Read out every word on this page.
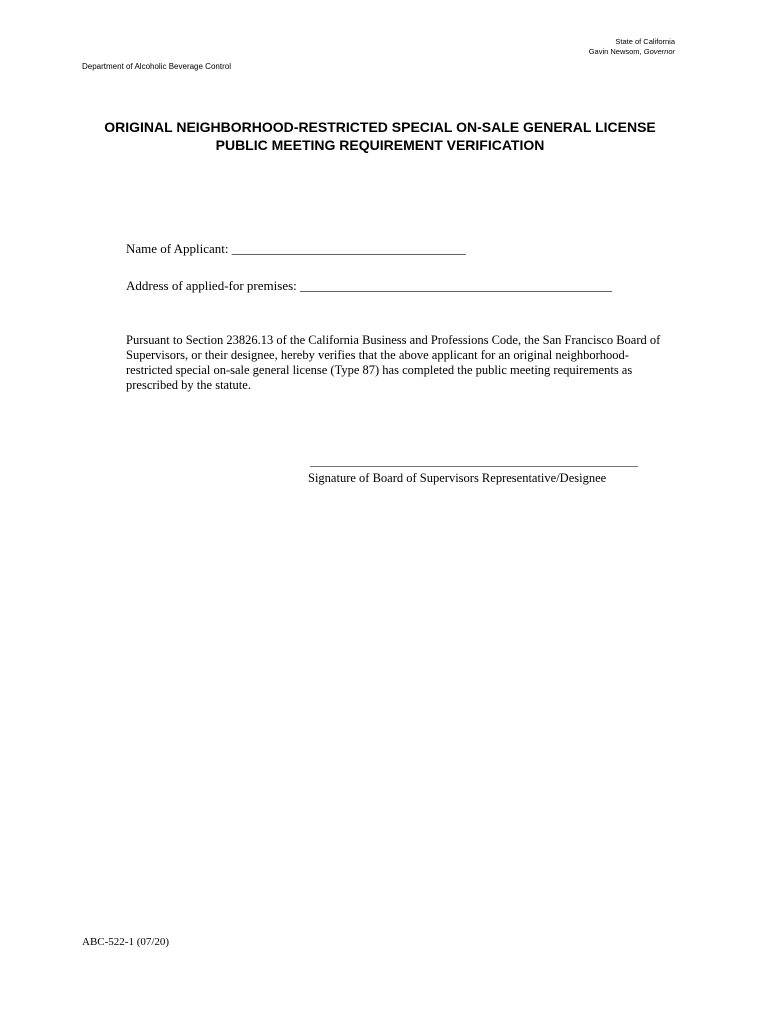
State of California
Gavin Newsom, Governor
Department of Alcoholic Beverage Control
ORIGINAL NEIGHBORHOOD-RESTRICTED SPECIAL ON-SALE GENERAL LICENSE
PUBLIC MEETING REQUIREMENT VERIFICATION
Name of Applicant: ____________________________________
Address of applied-for premises: ________________________________________________
Pursuant to Section 23826.13 of the California Business and Professions Code, the San Francisco Board of Supervisors, or their designee, hereby verifies that the above applicant for an original neighborhood-restricted special on-sale general license (Type 87) has completed the public meeting requirements as prescribed by the statute.
Signature of Board of Supervisors Representative/Designee
ABC-522-1 (07/20)
